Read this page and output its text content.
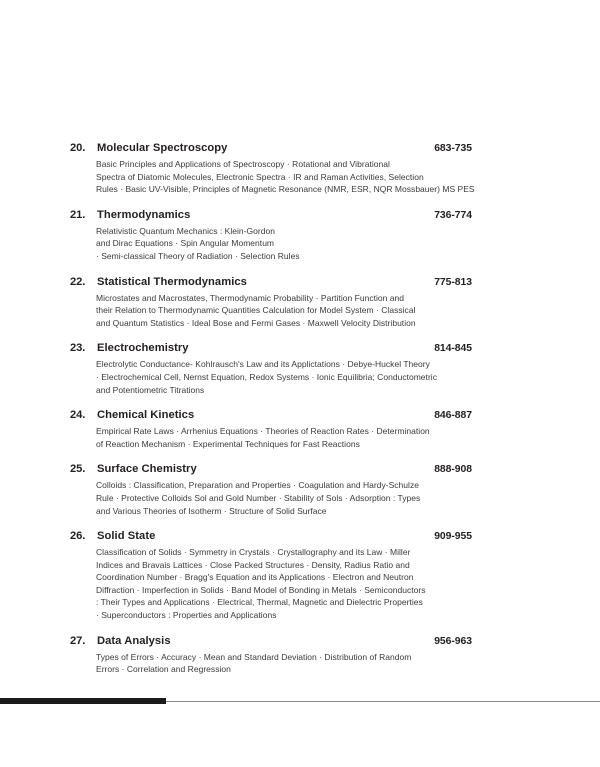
20.	Molecular Spectroscopy	683-735
Basic Principles and Applications of Spectroscopy · Rotational and Vibrational
Spectra of Diatomic Molecules, Electronic Spectra · IR and Raman Activities, Selection
Rules · Basic UV-Visible, Principles of Magnetic Resonance (NMR, ESR, NQR Mossbauer) MS PES
21.	Thermodynamics	736-774
Relativistic Quantum Mechanics : Klein-Gordon
and Dirac Equations · Spin Angular Momentum
· Semi-classical Theory of Radiation · Selection Rules
22.	Statistical Thermodynamics	775-813
Microstates and Macrostates, Thermodynamic Probability · Partition Function and
their Relation to Thermodynamic Quantities Calculation for Model System · Classical
and Quantum Statistics · Ideal Bose and Fermi Gases · Maxwell Velocity Distribution
23.	Electrochemistry	814-845
Electrolytic Conductance- Kohlrausch's Law and its Applictations · Debye-Huckel Theory
· Electrochemical Cell, Nernst Equation, Redox Systems · Ionic Equilibria; Conductometric
and Potentiometric Titrations
24.	Chemical Kinetics	846-887
Empirical Rate Laws · Arrhenius Equations · Theories of Reaction Rates · Determination
of Reaction Mechanism · Experimental Techniques for Fast Reactions
25.	Surface Chemistry	888-908
Colloids : Classification, Preparation and Properties · Coagulation and Hardy-Schulze
Rule · Protective Colloids Sol and Gold Number · Stability of Sols · Adsorption : Types
and Various Theories of Isotherm · Structure of Solid Surface
26.	Solid State	909-955
Classification of Solids · Symmetry in Crystals · Crystallography and its Law · Miller
Indices and Bravais Lattices · Close Packed Structures · Density, Radius Ratio and
Coordination Number · Bragg's Equation and its Applications · Electron and Neutron
Diffraction · Imperfection in Solids · Band Model of Bonding in Metals · Semiconductors
: Their Types and Applications · Electrical, Thermal, Magnetic and Dielectric Properties
· Superconductors : Properties and Applications
27.	Data Analysis	956-963
Types of Errors · Accuracy · Mean and Standard Deviation · Distribution of Random
Errors · Correlation and Regression
